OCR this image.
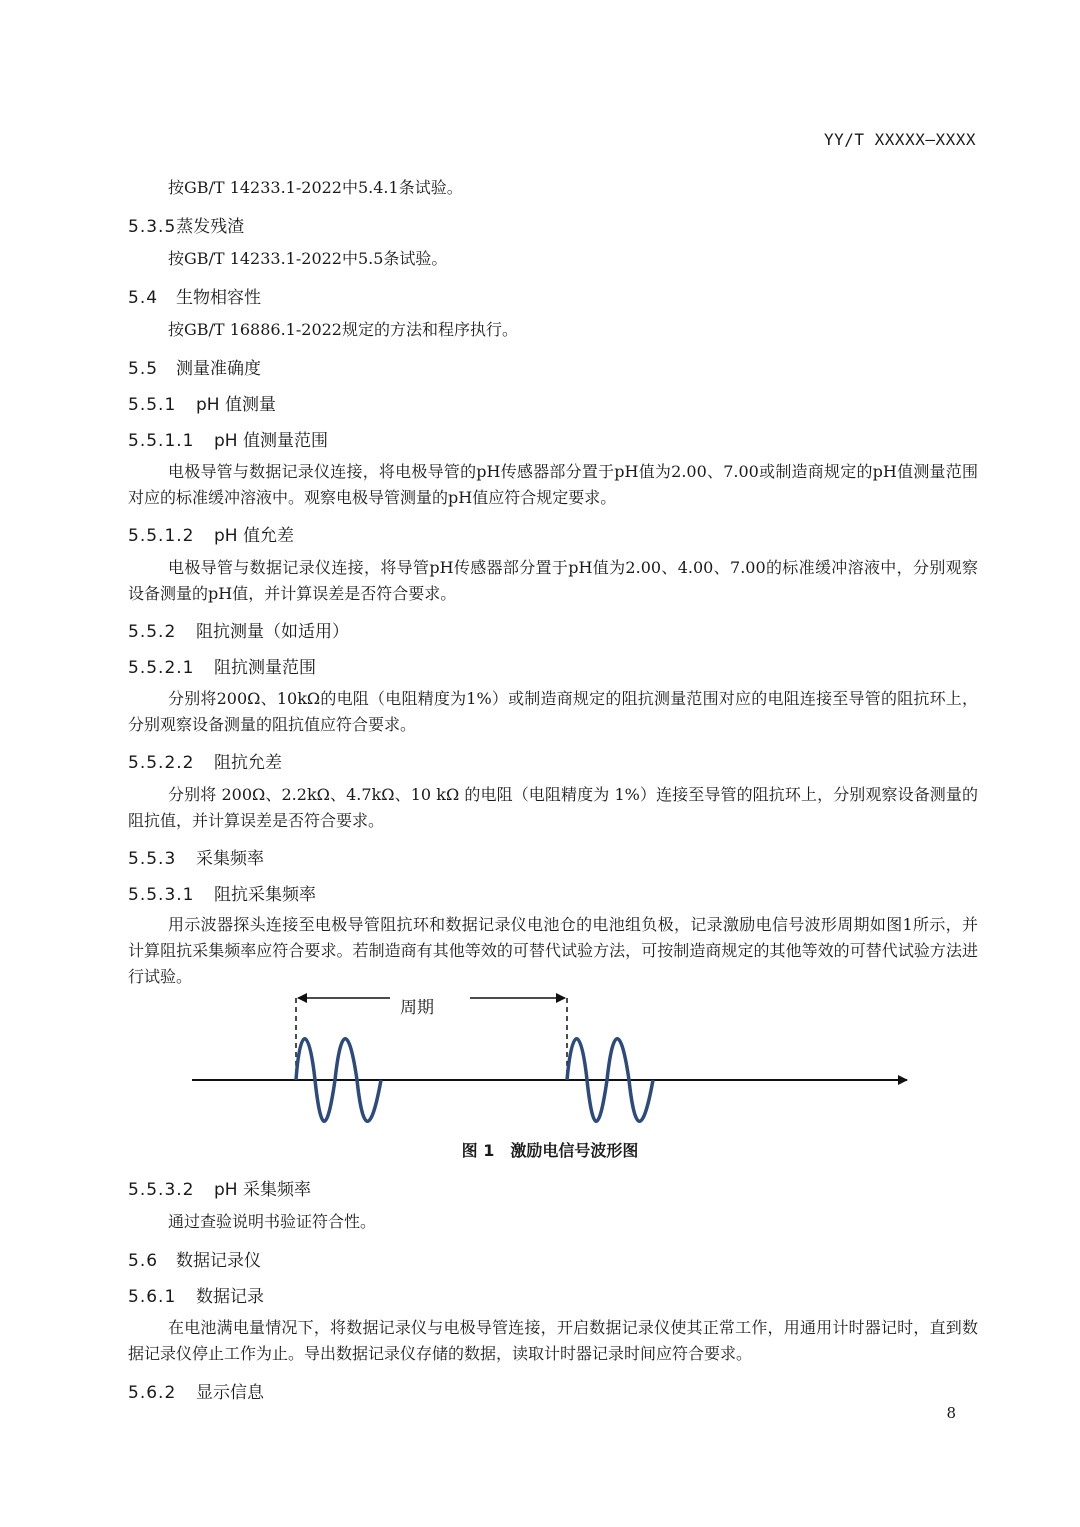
YY/T XXXXX—XXXX
按GB/T 14233.1-2022中5.4.1条试验。
5.3.5蒸发残渣
按GB/T 14233.1-2022中5.5条试验。
5.4 生物相容性
按GB/T 16886.1-2022规定的方法和程序执行。
5.5 测量准确度
5.5.1 pH 值测量
5.5.1.1 pH 值测量范围
电极导管与数据记录仪连接，将电极导管的pH传感器部分置于pH值为2.00、7.00或制造商规定的pH值测量范围对应的标准缓冲溶液中。观察电极导管测量的pH值应符合规定要求。
5.5.1.2 pH 值允差
电极导管与数据记录仪连接，将导管pH传感器部分置于pH值为2.00、4.00、7.00的标准缓冲溶液中，分别观察设备测量的pH值，并计算误差是否符合要求。
5.5.2 阻抗测量（如适用）
5.5.2.1 阻抗测量范围
分别将200Ω、10kΩ的电阻（电阻精度为1%）或制造商规定的阻抗测量范围对应的电阻连接至导管的阻抗环上，分别观察设备测量的阻抗值应符合要求。
5.5.2.2 阻抗允差
分别将 200Ω、2.2kΩ、4.7kΩ、10 kΩ 的电阻（电阻精度为 1%）连接至导管的阻抗环上，分别观察设备测量的阻抗值，并计算误差是否符合要求。
5.5.3 采集频率
5.5.3.1 阻抗采集频率
用示波器探头连接至电极导管阻抗环和数据记录仪电池仓的电池组负极，记录激励电信号波形周期如图1所示，并计算阻抗采集频率应符合要求。若制造商有其他等效的可替代试验方法，可按制造商规定的其他等效的可替代试验方法进行试验。
周期
图 1　激励电信号波形图
5.5.3.2 pH 采集频率
通过查验说明书验证符合性。
5.6 数据记录仪
5.6.1 数据记录
在电池满电量情况下，将数据记录仪与电极导管连接，开启数据记录仪使其正常工作，用通用计时器记时，直到数据记录仪停止工作为止。导出数据记录仪存储的数据，读取计时器记录时间应符合要求。
5.6.2 显示信息
8
